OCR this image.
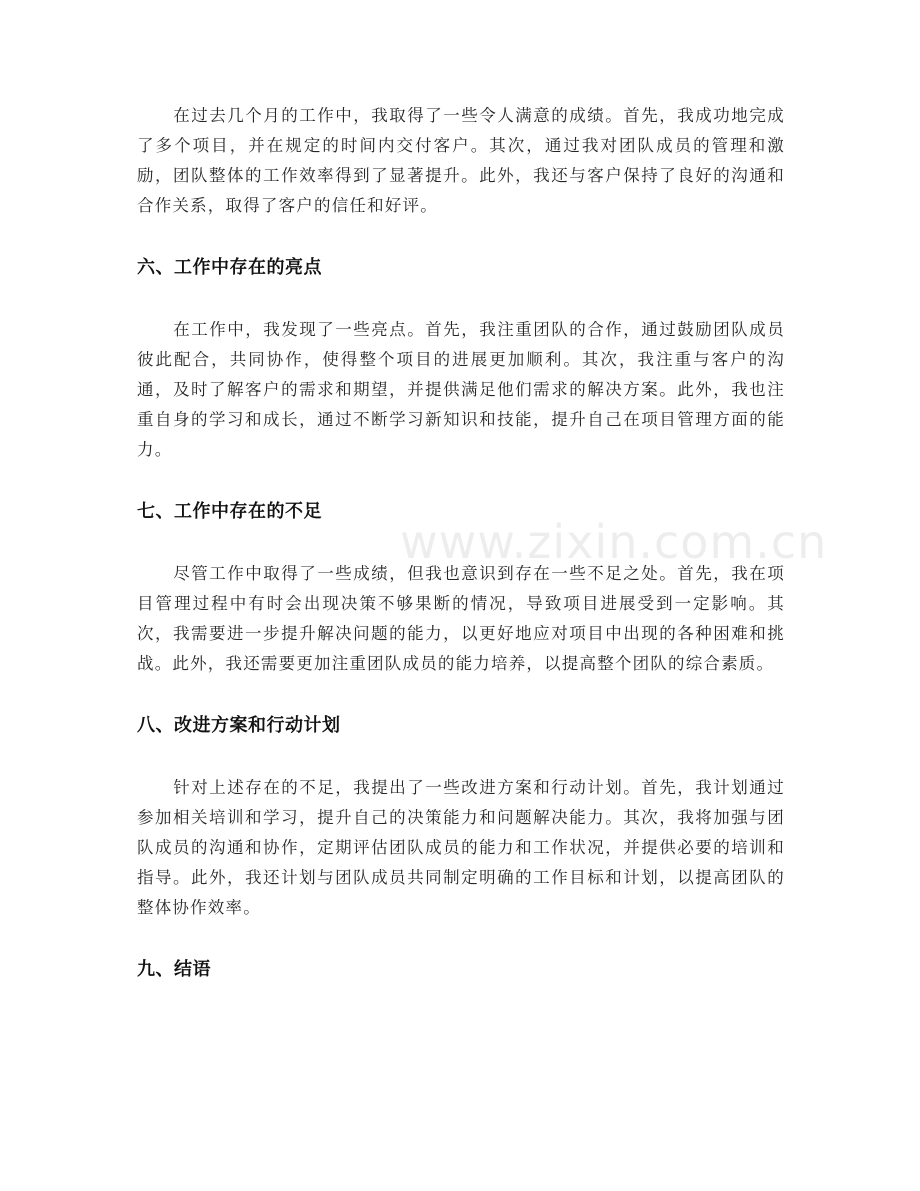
在过去几个月的工作中，我取得了一些令人满意的成绩。首先，我成功地完成了多个项目，并在规定的时间内交付客户。其次，通过我对团队成员的管理和激励，团队整体的工作效率得到了显著提升。此外，我还与客户保持了良好的沟通和合作关系，取得了客户的信任和好评。

六、工作中存在的亮点

在工作中，我发现了一些亮点。首先，我注重团队的合作，通过鼓励团队成员彼此配合，共同协作，使得整个项目的进展更加顺利。其次，我注重与客户的沟通，及时了解客户的需求和期望，并提供满足他们需求的解决方案。此外，我也注重自身的学习和成长，通过不断学习新知识和技能，提升自己在项目管理方面的能力。

七、工作中存在的不足

尽管工作中取得了一些成绩，但我也意识到存在一些不足之处。首先，我在项目管理过程中有时会出现决策不够果断的情况，导致项目进展受到一定影响。其次，我需要进一步提升解决问题的能力，以更好地应对项目中出现的各种困难和挑战。此外，我还需要更加注重团队成员的能力培养，以提高整个团队的综合素质。

八、改进方案和行动计划

针对上述存在的不足，我提出了一些改进方案和行动计划。首先，我计划通过参加相关培训和学习，提升自己的决策能力和问题解决能力。其次，我将加强与团队成员的沟通和协作，定期评估团队成员的能力和工作状况，并提供必要的培训和指导。此外，我还计划与团队成员共同制定明确的工作目标和计划，以提高团队的整体协作效率。

九、结语
www.zixin.com.cn
